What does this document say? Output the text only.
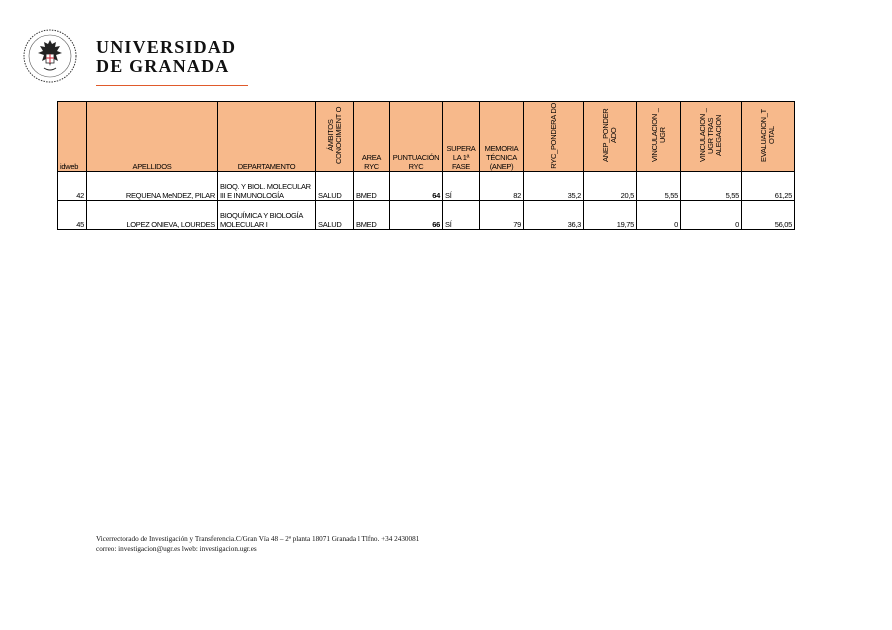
UNIVERSIDAD
DE GRANADA
idweb	APELLIDOS	DEPARTAMENTO	ÁMBITOS CONOCIMIENT O	AREA RYC	PUNTUACIÓN RYC	SUPERA LA 1ª FASE	MEMORIA TÉCNICA (ANEP)	RYC_PONDERA DO	ANEP_PONDER ADO	VINCULACION _ UGR	VINCULACION _ UGR TRAS ALEGACION	EVALUACION_T OTAL
42	REQUENA MeNDEZ, PILAR	BIOQ. Y BIOL. MOLECULAR III E INMUNOLOGÍA	SALUD	BMED	64	SÍ	82	35,2	20,5	5,55	5,55	61,25
45	LOPEZ ONIEVA, LOURDES	BIOQUÍMICA Y BIOLOGÍA MOLECULAR I	SALUD	BMED	66	SÍ	79	36,3	19,75	0	0	56,05
Vicerrectorado de Investigación y Transferencia.C/Gran Vía 48 – 2ª planta 18071 Granada l Tlfno. +34 2430081
correo: investigacion@ugr.es lweb: investigacion.ugr.es
